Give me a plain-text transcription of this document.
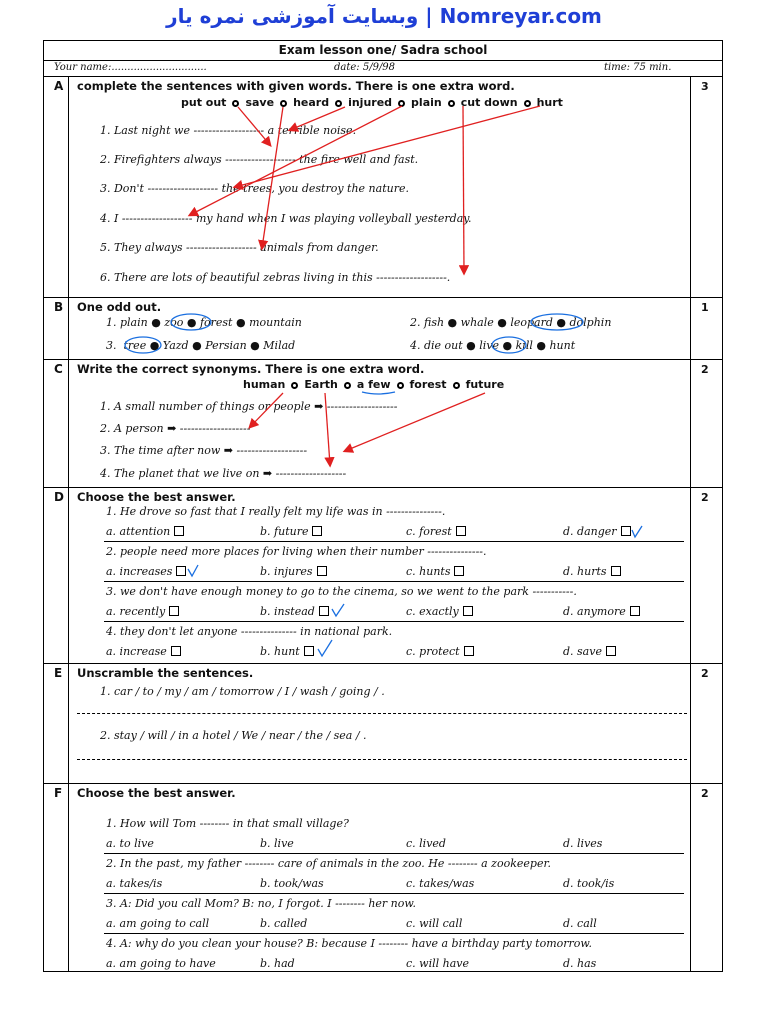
وبسایت آموزشی نمره یار | Nomreyar.com
Exam lesson one/ Sadra school
Your name:..............................	date: 5/9/98	time: 75 min.
A	3
complete the sentences with given words. There is one extra word.
put out save heard injured plain cut down hurt
1. Last night we ------------------- a terrible noise.
2. Firefighters always ------------------- the fire well and fast.
3. Don't ------------------- the trees, you destroy the nature.
4. I ------------------- my hand when I was playing volleyball yesterday.
5. They always ------------------- animals from danger.
6. There are lots of beautiful zebras living in this -------------------.
B	1
One odd out.
1. plain ● zoo ● forest ● mountain	2. fish ● whale ● leopard ● dolphin
3. tree ● Yazd ● Persian ● Milad	4. die out ● live ● kill ● hunt
C	2
Write the correct synonyms. There is one extra word.
human Earth a few forest future
1. A small number of things or people ➡ -------------------
2. A person ➡ -------------------
3. The time after now ➡ -------------------
4. The planet that we live on ➡ -------------------
D	2
Choose the best answer.
1. He drove so fast that I really felt my life was in ---------------.
a. attention	b. future	c. forest	d. danger
2. people need more places for living when their number ---------------.
a. increases	b. injures	c. hunts	d. hurts
3. we don't have enough money to go to the cinema, so we went to the park -----------.
a. recently	b. instead	c. exactly	d. anymore
4. they don't let anyone --------------- in national park.
a. increase	b. hunt	c. protect	d. save
E	2
Unscramble the sentences.
1. car / to / my / am / tomorrow / I / wash / going / .
2. stay / will / in a hotel / We / near / the / sea / .
F	2
Choose the best answer.
1. How will Tom -------- in that small village?
a. to live	b. live	c. lived	d. lives
2. In the past, my father -------- care of animals in the zoo. He -------- a zookeeper.
a. takes/is	b. took/was	c. takes/was	d. took/is
3. A: Did you call Mom? B: no, I forgot. I -------- her now.
a. am going to call	b. called	c. will call	d. call
4. A: why do you clean your house? B: because I -------- have a birthday party tomorrow.
a. am going to have	b. had	c. will have	d. has
